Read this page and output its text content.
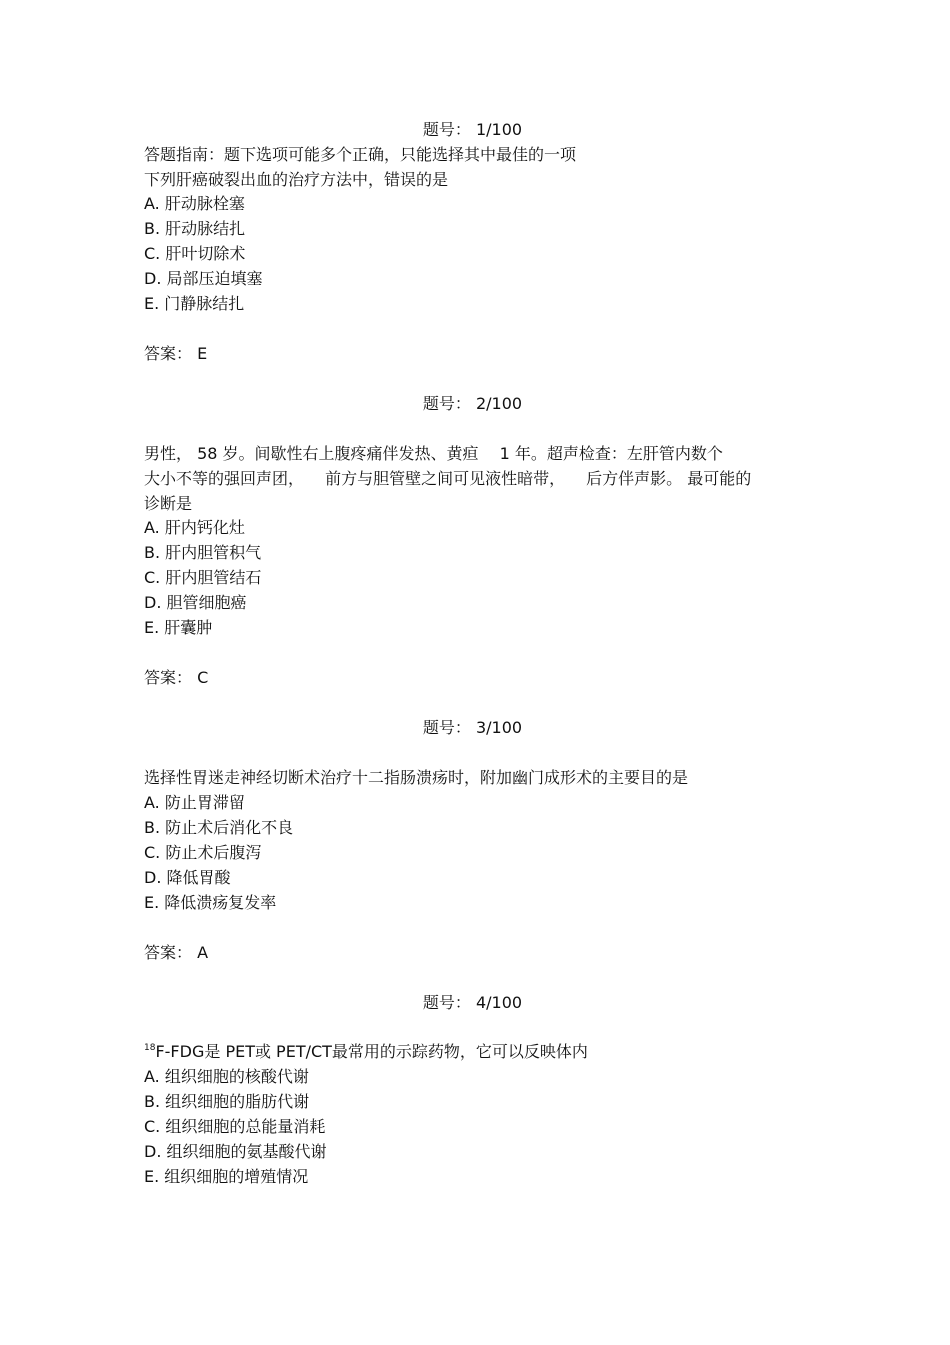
题号： 1/100
答题指南：题下选项可能多个正确，只能选择其中最佳的一项
下列肝癌破裂出血的治疗方法中，错误的是
A. 肝动脉栓塞
B. 肝动脉结扎
C. 肝叶切除术
D. 局部压迫填塞
E. 门静脉结扎
答案： E
题号： 2/100
男性， 58 岁。间歇性右上腹疼痛伴发热、黄疸 　1 年。超声检查：左肝管内数个
大小不等的强回声团， 　前方与胆管壁之间可见液性暗带， 　后方伴声影。 最可能的
诊断是
A. 肝内钙化灶
B. 肝内胆管积气
C. 肝内胆管结石
D. 胆管细胞癌
E. 肝囊肿
答案： C
题号： 3/100
选择性胃迷走神经切断术治疗十二指肠溃疡时，附加幽门成形术的主要目的是
A. 防止胃滞留
B. 防止术后消化不良
C. 防止术后腹泻
D. 降低胃酸
E. 降低溃疡复发率
答案： A
题号： 4/100
$^{18}$F-FDG是 PET或 PET/CT最常用的示踪药物，它可以反映体内
A. 组织细胞的核酸代谢
B. 组织细胞的脂肪代谢
C. 组织细胞的总能量消耗
D. 组织细胞的氨基酸代谢
E. 组织细胞的增殖情况
